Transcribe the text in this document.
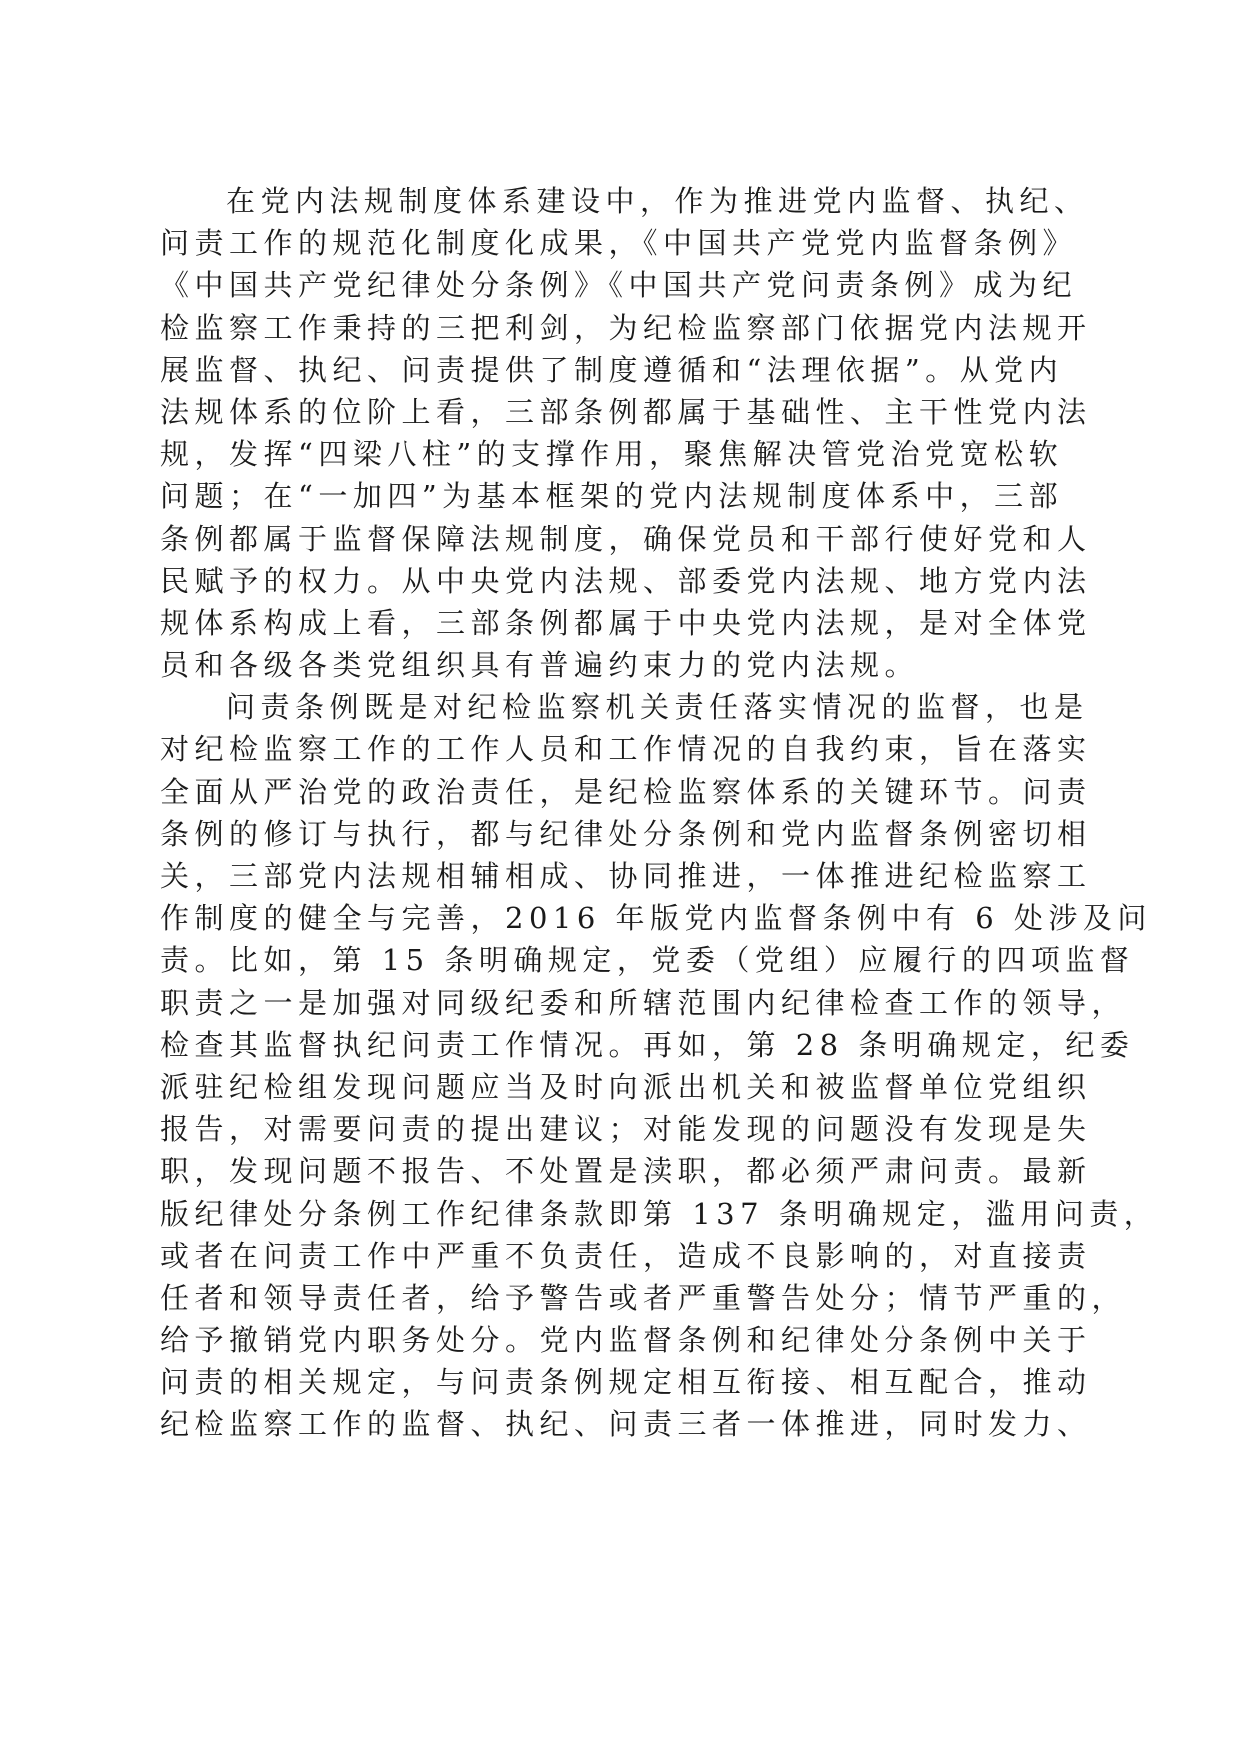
在党内法规制度体系建设中，作为推进党内监督、执纪、
问责工作的规范化制度化成果，《中国共产党党内监督条例》
《中国共产党纪律处分条例》《中国共产党问责条例》成为纪
检监察工作秉持的三把利剑，为纪检监察部门依据党内法规开
展监督、执纪、问责提供了制度遵循和“法理依据”。从党内
法规体系的位阶上看，三部条例都属于基础性、主干性党内法
规，发挥“四梁八柱”的支撑作用，聚焦解决管党治党宽松软
问题；在“一加四”为基本框架的党内法规制度体系中，三部
条例都属于监督保障法规制度，确保党员和干部行使好党和人
民赋予的权力。从中央党内法规、部委党内法规、地方党内法
规体系构成上看，三部条例都属于中央党内法规，是对全体党
员和各级各类党组织具有普遍约束力的党内法规。
问责条例既是对纪检监察机关责任落实情况的监督，也是
对纪检监察工作的工作人员和工作情况的自我约束，旨在落实
全面从严治党的政治责任，是纪检监察体系的关键环节。问责
条例的修订与执行，都与纪律处分条例和党内监督条例密切相
关，三部党内法规相辅相成、协同推进，一体推进纪检监察工
作制度的健全与完善，2016 年版党内监督条例中有 6 处涉及问
责。比如，第 15 条明确规定，党委（党组）应履行的四项监督
职责之一是加强对同级纪委和所辖范围内纪律检查工作的领导，
检查其监督执纪问责工作情况。再如，第 28 条明确规定，纪委
派驻纪检组发现问题应当及时向派出机关和被监督单位党组织
报告，对需要问责的提出建议；对能发现的问题没有发现是失
职，发现问题不报告、不处置是渎职，都必须严肃问责。最新
版纪律处分条例工作纪律条款即第 137 条明确规定，滥用问责，
或者在问责工作中严重不负责任，造成不良影响的，对直接责
任者和领导责任者，给予警告或者严重警告处分；情节严重的，
给予撤销党内职务处分。党内监督条例和纪律处分条例中关于
问责的相关规定，与问责条例规定相互衔接、相互配合，推动
纪检监察工作的监督、执纪、问责三者一体推进，同时发力、
